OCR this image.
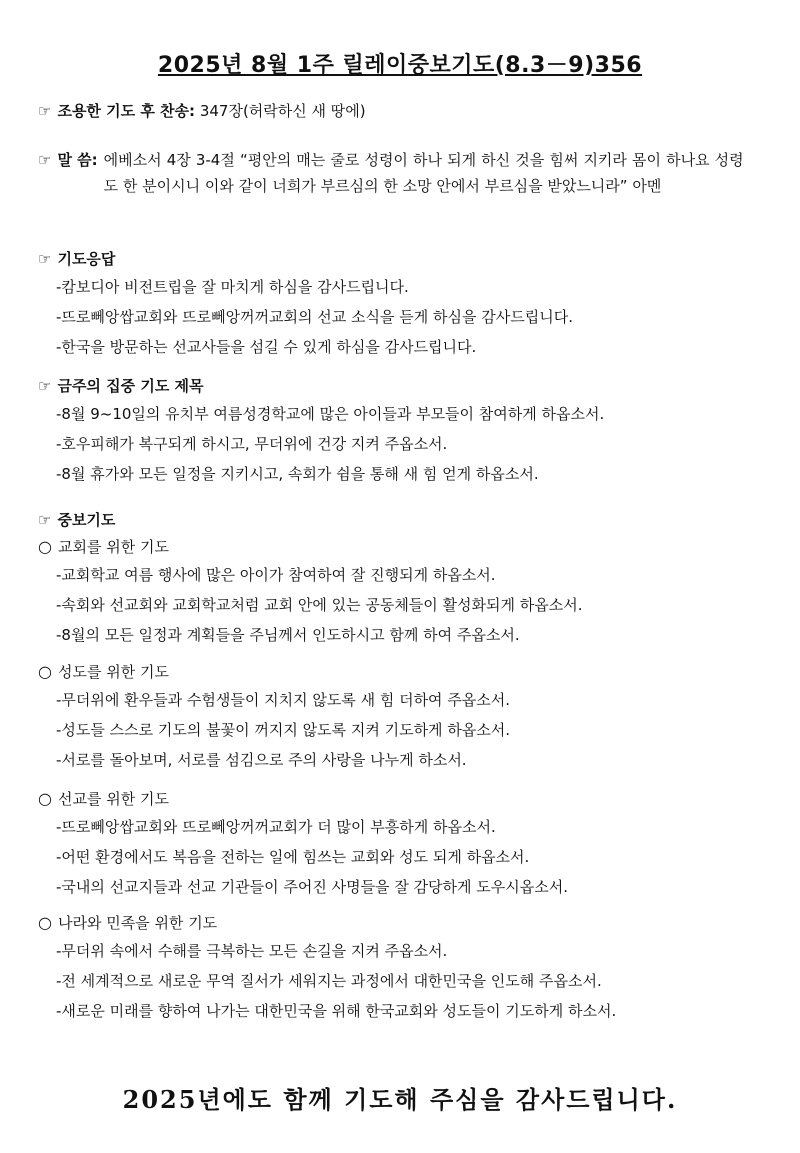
2025년 8월 1주 릴레이중보기도(8.3－9)356
☞ 조용한 기도 후 찬송: 347장(허락하신 새 땅에)
☞ 말 씀: 에베소서 4장 3-4절 “평안의 매는 줄로 성령이 하나 되게 하신 것을 힘써 지키라 몸이 하나요 성령도 한 분이시니 이와 같이 너희가 부르심의 한 소망 안에서 부르심을 받았느니라” 아멘
☞ 기도응답
-캄보디아 비전트립을 잘 마치게 하심을 감사드립니다.
-뜨로뻬앙쌉교회와 뜨로뻬앙꺼꺼교회의 선교 소식을 듣게 하심을 감사드립니다.
-한국을 방문하는 선교사들을 섬길 수 있게 하심을 감사드립니다.
☞ 금주의 집중 기도 제목
-8월 9~10일의 유치부 여름성경학교에 많은 아이들과 부모들이 참여하게 하옵소서.
-호우피해가 복구되게 하시고, 무더위에 건강 지켜 주옵소서.
-8월 휴가와 모든 일정을 지키시고, 속회가 쉼을 통해 새 힘 얻게 하옵소서.
☞ 중보기도
○ 교회를 위한 기도
-교회학교 여름 행사에 많은 아이가 참여하여 잘 진행되게 하옵소서.
-속회와 선교회와 교회학교처럼 교회 안에 있는 공동체들이 활성화되게 하옵소서.
-8월의 모든 일정과 계획들을 주님께서 인도하시고 함께 하여 주옵소서.
○ 성도를 위한 기도
-무더위에 환우들과 수험생들이 지치지 않도록 새 힘 더하여 주옵소서.
-성도들 스스로 기도의 불꽃이 꺼지지 않도록 지켜 기도하게 하옵소서.
-서로를 돌아보며, 서로를 섬김으로 주의 사랑을 나누게 하소서.
○ 선교를 위한 기도
-뜨로뻬앙쌉교회와 뜨로뻬앙꺼꺼교회가 더 많이 부흥하게 하옵소서.
-어떤 환경에서도 복음을 전하는 일에 힘쓰는 교회와 성도 되게 하옵소서.
-국내의 선교지들과 선교 기관들이 주어진 사명들을 잘 감당하게 도우시옵소서.
○ 나라와 민족을 위한 기도
-무더위 속에서 수해를 극복하는 모든 손길을 지켜 주옵소서.
-전 세계적으로 새로운 무역 질서가 세워지는 과정에서 대한민국을 인도해 주옵소서.
-새로운 미래를 향하여 나가는 대한민국을 위해 한국교회와 성도들이 기도하게 하소서.
2025년에도 함께 기도해 주심을 감사드립니다.
